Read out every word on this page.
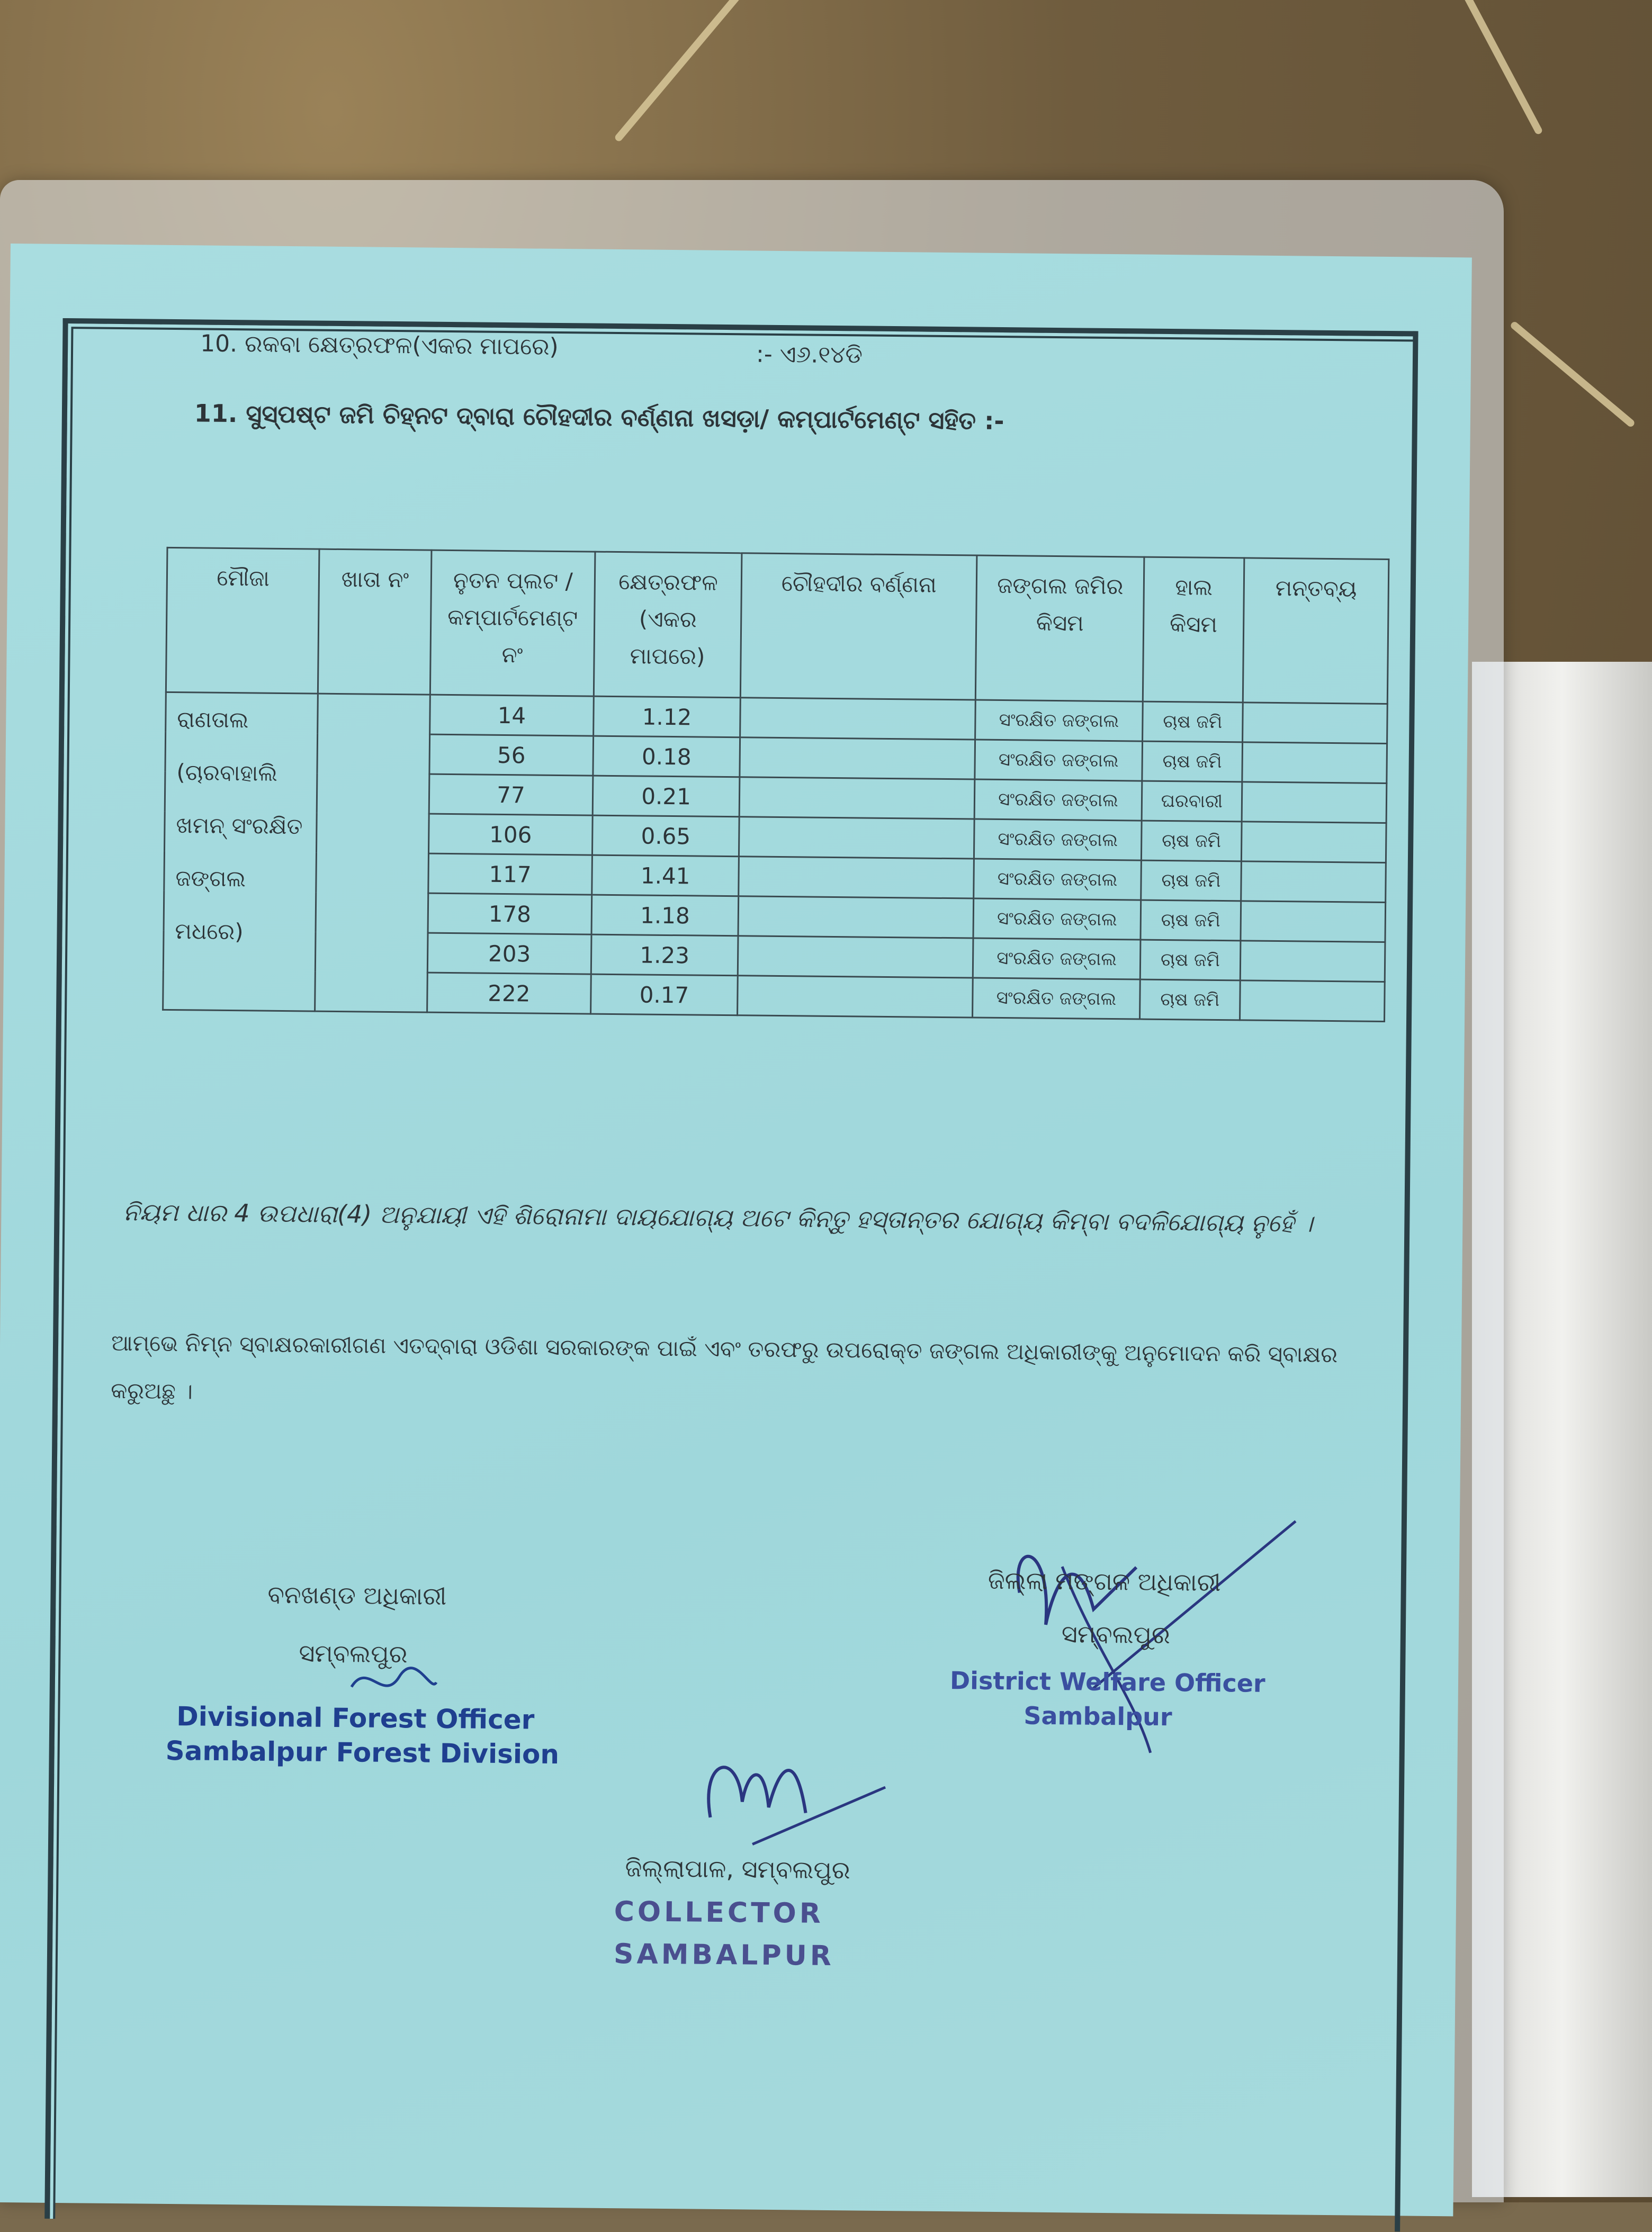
10. ରକବା କ୍ଷେତ୍ରଫଳ(ଏକର ମାପରେ)	:- ଏ୬.୧୪ଡି
11. ସୁସ୍ପଷ୍ଟ ଜମି ଚିହ୍ନଟ ଦ୍ବାରା ଚୌହଦୀର ବର୍ଣ୍ଣନା ଖସଡ଼ା/ କମ୍ପାର୍ଟମେଣ୍ଟ ସହିତ :-
ମୌଜା	ଖାତା ନଂ	ନୁତନ ପ୍ଲଟ / କମ୍ପାର୍ଟମେଣ୍ଟ ନଂ	କ୍ଷେତ୍ରଫଳ (ଏକର ମାପରେ)	ଚୌହଦୀର ବର୍ଣ୍ଣନା	ଜଙ୍ଗଲ ଜମିର କିସମ	ହାଲ କିସମ	ମନ୍ତବ୍ୟ
ରାଣତାଲ (ଚାରବାହାଲି ଖମନ୍ ସଂରକ୍ଷିତ ଜଙ୍ଗଲ ମଧରେ)		14	1.12		ସଂରକ୍ଷିତ ଜଙ୍ଗଲ	ଚାଷ ଜମି	
		56	0.18		ସଂରକ୍ଷିତ ଜଙ୍ଗଲ	ଚାଷ ଜମି	
		77	0.21		ସଂରକ୍ଷିତ ଜଙ୍ଗଲ	ଘରବାରୀ	
		106	0.65		ସଂରକ୍ଷିତ ଜଙ୍ଗଲ	ଚାଷ ଜମି	
		117	1.41		ସଂରକ୍ଷିତ ଜଙ୍ଗଲ	ଚାଷ ଜମି	
		178	1.18		ସଂରକ୍ଷିତ ଜଙ୍ଗଲ	ଚାଷ ଜମି	
		203	1.23		ସଂରକ୍ଷିତ ଜଙ୍ଗଲ	ଚାଷ ଜମି	
		222	0.17		ସଂରକ୍ଷିତ ଜଙ୍ଗଲ	ଚାଷ ଜମି	
ନିୟମ ଧାର 4 ଉପଧାରା(4) ଅନୁଯାୟୀ ଏହି ଶିରୋନାମା ଦାୟଯୋଗ୍ୟ ଅଟେ କିନ୍ତୁ ହସ୍ତାନ୍ତର ଯୋଗ୍ୟ କିମ୍ବା ବଦଳିଯୋଗ୍ୟ ନୁହେଁ ।
ଆମ୍ଭେ ନିମ୍ନ ସ୍ବାକ୍ଷରକାରୀଗଣ ଏତଦ୍ବାରା ଓଡିଶା ସରକାରଙ୍କ ପାଇଁ ଏବଂ ତରଫରୁ ଉପରୋକ୍ତ ଜଙ୍ଗଲ ଅଧିକାରୀଙ୍କୁ ଅନୁମୋଦନ କରି ସ୍ବାକ୍ଷର
କରୁଅଛୁ ।
ବନଖଣ୍ଡ ଅଧିକାରୀ
ସମ୍ବଲପୁର
Divisional Forest Officer
Sambalpur Forest Division
ଜିଲ୍ଲାପାଳ, ସମ୍ବଲପୁର
COLLECTOR
SAMBALPUR
ଜିଲ୍ଲା ମଙ୍ଗଳ ଅଧିକାରୀ
ସମ୍ବଲପୁର
District Welfare Officer
Sambalpur
